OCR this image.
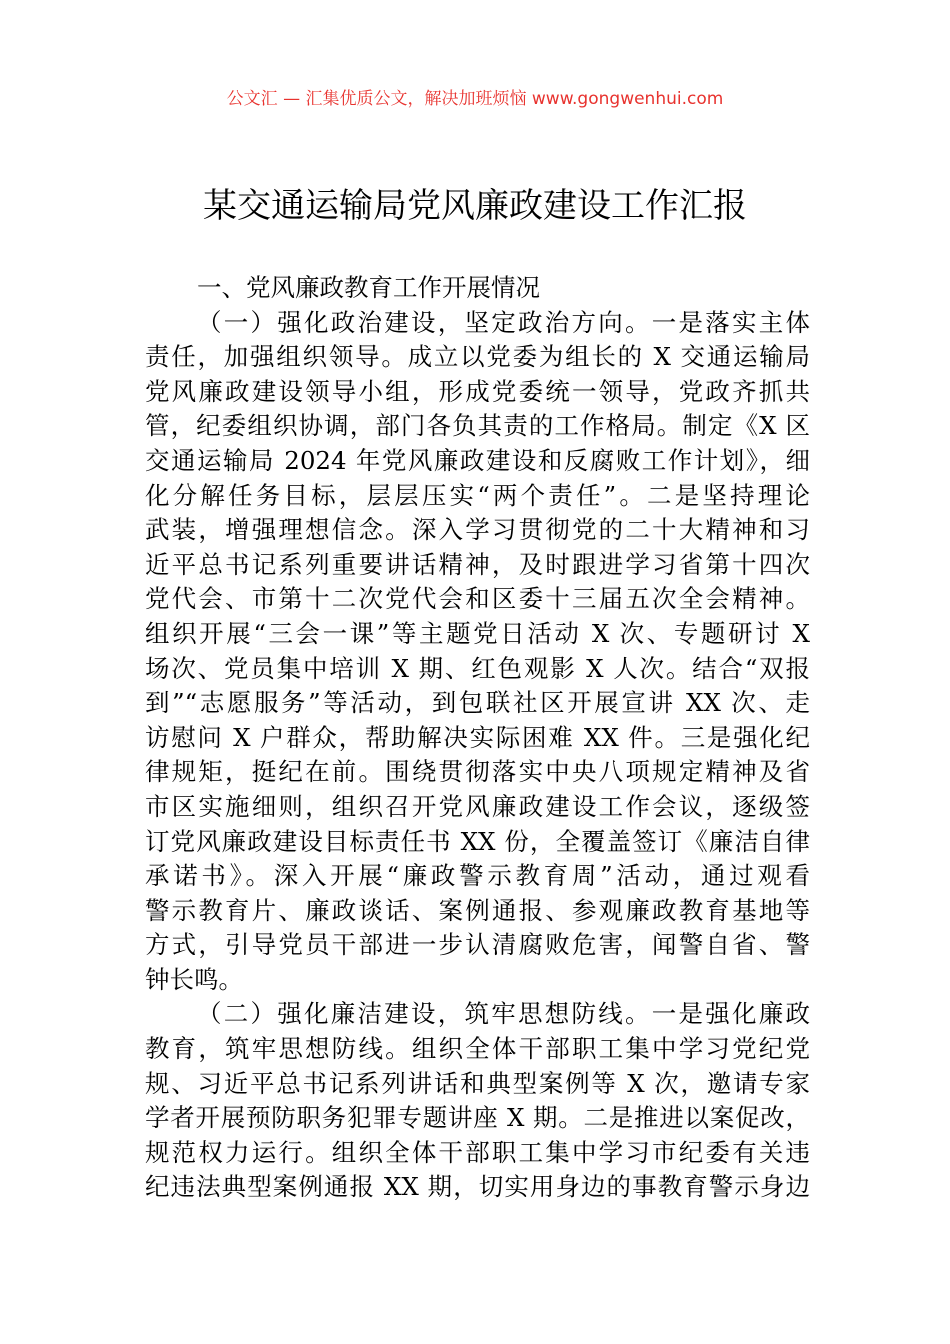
公文汇 — 汇集优质公文，解决加班烦恼 www.gongwenhui.com
某交通运输局党风廉政建设工作汇报
一、党风廉政教育工作开展情况
（一）强化政治建设，坚定政治方向。一是落实主体
责任，加强组织领导。成立以党委为组长的 X 交通运输局
党风廉政建设领导小组，形成党委统一领导，党政齐抓共
管，纪委组织协调，部门各负其责的工作格局。制定《X 区
交通运输局 2024 年党风廉政建设和反腐败工作计划》，细
化分解任务目标，层层压实“两个责任”。二是坚持理论
武装，增强理想信念。深入学习贯彻党的二十大精神和习
近平总书记系列重要讲话精神，及时跟进学习省第十四次
党代会、市第十二次党代会和区委十三届五次全会精神。
组织开展“三会一课”等主题党日活动 X 次、专题研讨 X
场次、党员集中培训 X 期、红色观影 X 人次。结合“双报
到”“志愿服务”等活动，到包联社区开展宣讲 XX 次、走
访慰问 X 户群众，帮助解决实际困难 XX 件。三是强化纪
律规矩，挺纪在前。围绕贯彻落实中央八项规定精神及省
市区实施细则，组织召开党风廉政建设工作会议，逐级签
订党风廉政建设目标责任书 XX 份，全覆盖签订《廉洁自律
承诺书》。深入开展“廉政警示教育周”活动，通过观看
警示教育片、廉政谈话、案例通报、参观廉政教育基地等
方式，引导党员干部进一步认清腐败危害，闻警自省、警
钟长鸣。
（二）强化廉洁建设，筑牢思想防线。一是强化廉政
教育，筑牢思想防线。组织全体干部职工集中学习党纪党
规、习近平总书记系列讲话和典型案例等 X 次，邀请专家
学者开展预防职务犯罪专题讲座 X 期。二是推进以案促改，
规范权力运行。组织全体干部职工集中学习市纪委有关违
纪违法典型案例通报 XX 期，切实用身边的事教育警示身边
